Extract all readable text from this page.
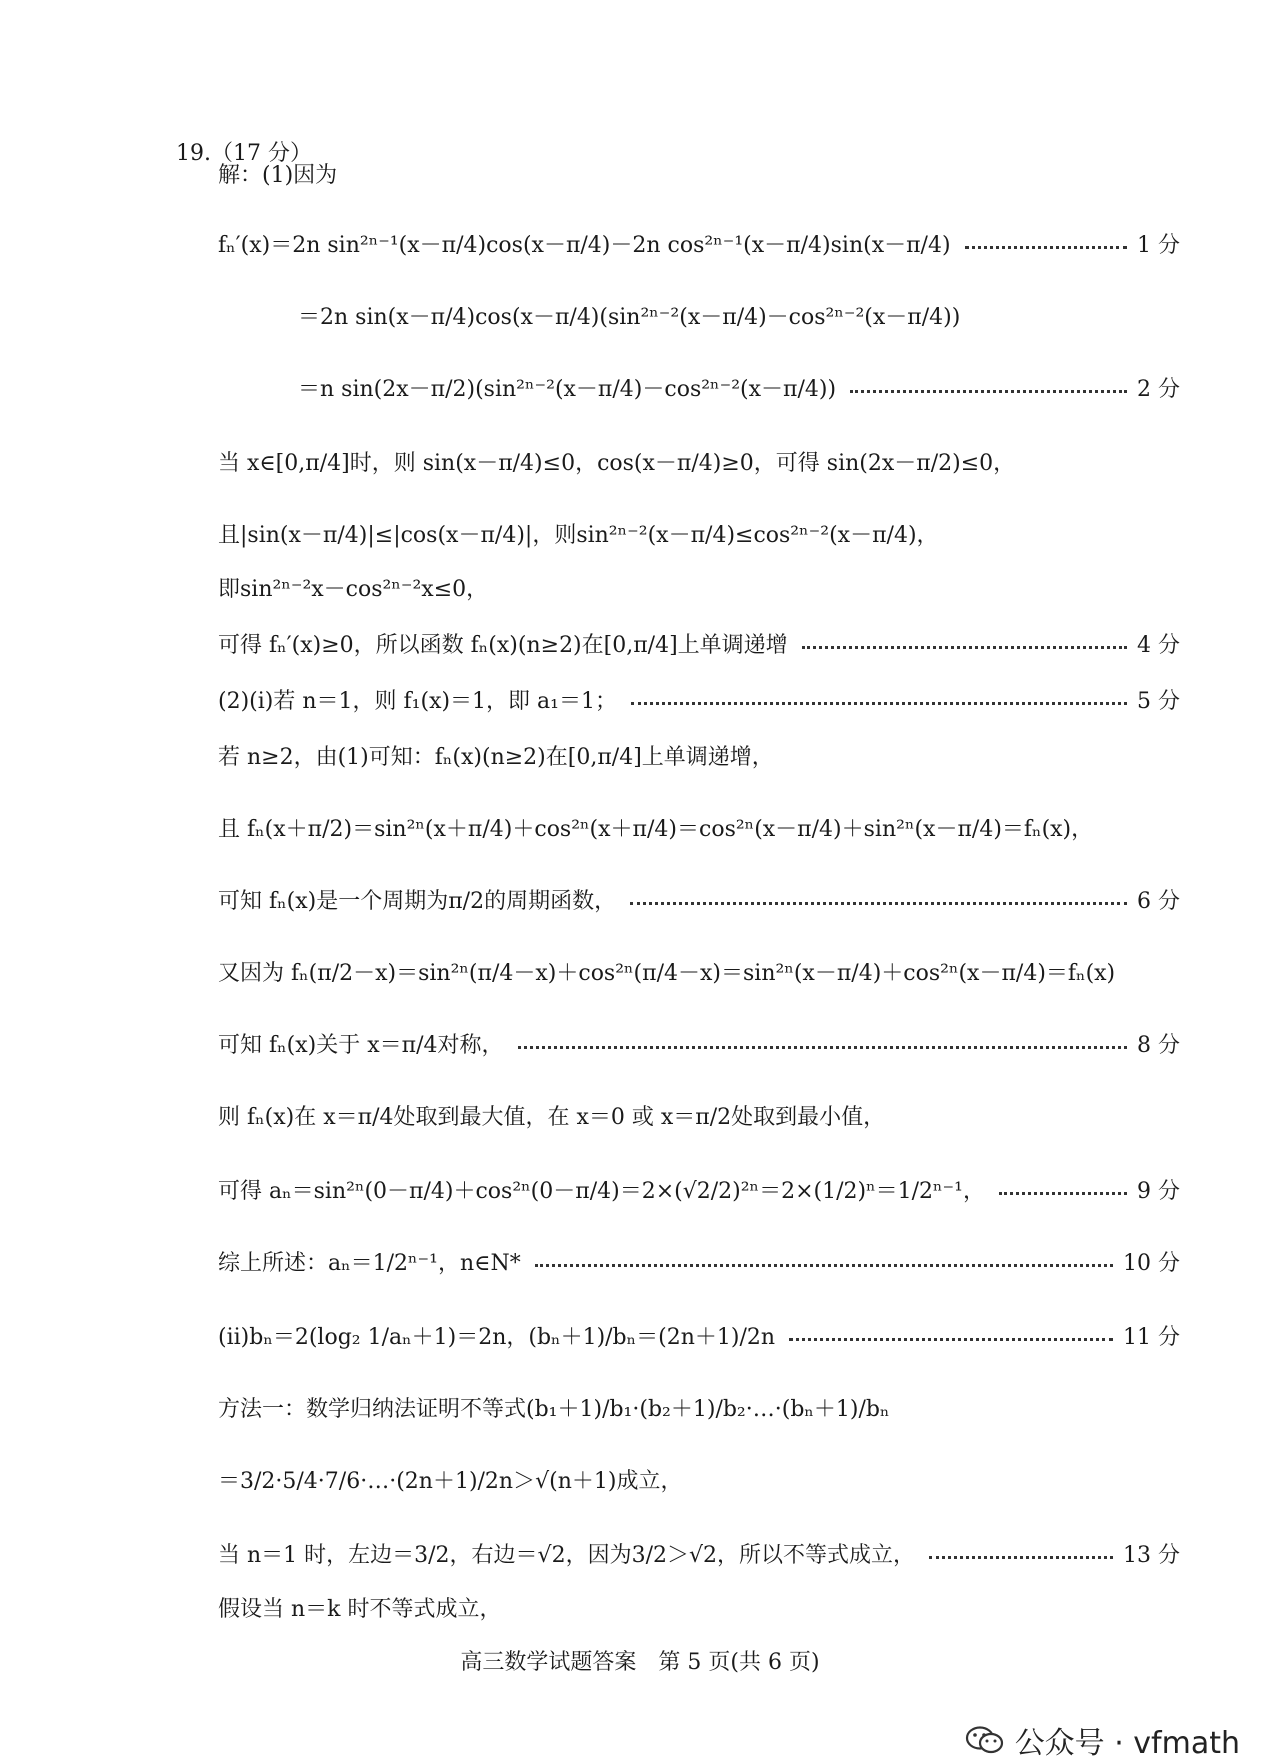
19.（17 分）
解：(1)因为
fₙ′(x)＝2n sin²ⁿ⁻¹(x－π/4)cos(x－π/4)－2n cos²ⁿ⁻¹(x－π/4)sin(x－π/4)	1 分
＝2n sin(x－π/4)cos(x－π/4)(sin²ⁿ⁻²(x－π/4)－cos²ⁿ⁻²(x－π/4))
＝n sin(2x－π/2)(sin²ⁿ⁻²(x－π/4)－cos²ⁿ⁻²(x－π/4))	2 分
当 x∈[0,π/4]时，则 sin(x－π/4)≤0，cos(x－π/4)≥0，可得 sin(2x－π/2)≤0，
且|sin(x－π/4)|≤|cos(x－π/4)|，则sin²ⁿ⁻²(x－π/4)≤cos²ⁿ⁻²(x－π/4)，
即sin²ⁿ⁻²x－cos²ⁿ⁻²x≤0，
可得 fₙ′(x)≥0，所以函数 fₙ(x)(n≥2)在[0,π/4]上单调递增	4 分
(2)(ⅰ)若 n＝1，则 f₁(x)＝1，即 a₁＝1；	5 分
若 n≥2，由(1)可知：fₙ(x)(n≥2)在[0,π/4]上单调递增，
且 fₙ(x＋π/2)＝sin²ⁿ(x＋π/4)＋cos²ⁿ(x＋π/4)＝cos²ⁿ(x－π/4)＋sin²ⁿ(x－π/4)＝fₙ(x)，
可知 fₙ(x)是一个周期为π/2的周期函数，	6 分
又因为 fₙ(π/2－x)＝sin²ⁿ(π/4－x)＋cos²ⁿ(π/4－x)＝sin²ⁿ(x－π/4)＋cos²ⁿ(x－π/4)＝fₙ(x)
可知 fₙ(x)关于 x＝π/4对称，	8 分
则 fₙ(x)在 x＝π/4处取到最大值，在 x＝0 或 x＝π/2处取到最小值，
可得 aₙ＝sin²ⁿ(0－π/4)＋cos²ⁿ(0－π/4)＝2×(√2/2)²ⁿ＝2×(1/2)ⁿ＝1/2ⁿ⁻¹，	9 分
综上所述：aₙ＝1/2ⁿ⁻¹，n∈N*	10 分
(ⅱ)bₙ＝2(log₂ 1/aₙ＋1)＝2n，(bₙ＋1)/bₙ＝(2n＋1)/2n	11 分
方法一：数学归纳法证明不等式(b₁＋1)/b₁·(b₂＋1)/b₂·…·(bₙ＋1)/bₙ
＝3/2·5/4·7/6·…·(2n＋1)/2n＞√(n＋1)成立，
当 n＝1 时，左边＝3/2，右边＝√2，因为3/2＞√2，所以不等式成立，	13 分
假设当 n＝k 时不等式成立，
高三数学试题答案　第 5 页(共 6 页)
公众号 · vfmath
